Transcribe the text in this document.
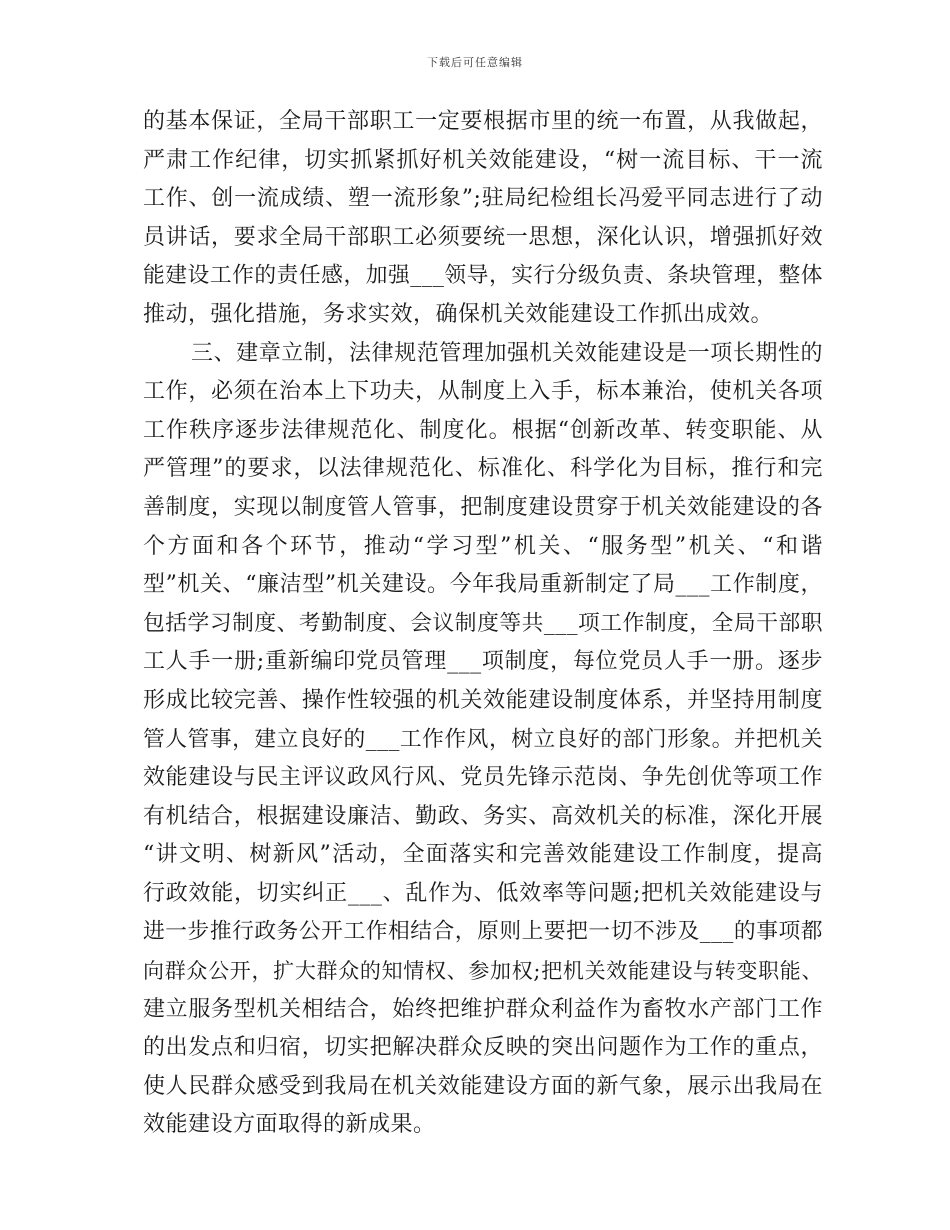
下载后可任意编辑
的基本保证，全局干部职工一定要根据市里的统一布置，从我做起，
严肃工作纪律，切实抓紧抓好机关效能建设，“树一流目标、干一流
工作、创一流成绩、塑一流形象”;驻局纪检组长冯爱平同志进行了动
员讲话，要求全局干部职工必须要统一思想，深化认识，增强抓好效
能建设工作的责任感，加强___领导，实行分级负责、条块管理，整体
推动，强化措施，务求实效，确保机关效能建设工作抓出成效。
三、建章立制，法律规范管理加强机关效能建设是一项长期性的
工作，必须在治本上下功夫，从制度上入手，标本兼治，使机关各项
工作秩序逐步法律规范化、制度化。根据“创新改革、转变职能、从
严管理”的要求，以法律规范化、标准化、科学化为目标，推行和完
善制度，实现以制度管人管事，把制度建设贯穿于机关效能建设的各
个方面和各个环节，推动“学习型”机关、“服务型”机关、“和谐
型”机关、“廉洁型”机关建设。今年我局重新制定了局___工作制度，
包括学习制度、考勤制度、会议制度等共___项工作制度，全局干部职
工人手一册;重新编印党员管理___项制度，每位党员人手一册。逐步
形成比较完善、操作性较强的机关效能建设制度体系，并坚持用制度
管人管事，建立良好的___工作作风，树立良好的部门形象。并把机关
效能建设与民主评议政风行风、党员先锋示范岗、争先创优等项工作
有机结合，根据建设廉洁、勤政、务实、高效机关的标准，深化开展
“讲文明、树新风”活动，全面落实和完善效能建设工作制度，提高
行政效能，切实纠正___、乱作为、低效率等问题;把机关效能建设与
进一步推行政务公开工作相结合，原则上要把一切不涉及___的事项都
向群众公开，扩大群众的知情权、参加权;把机关效能建设与转变职能、
建立服务型机关相结合，始终把维护群众利益作为畜牧水产部门工作
的出发点和归宿，切实把解决群众反映的突出问题作为工作的重点，
使人民群众感受到我局在机关效能建设方面的新气象，展示出我局在
效能建设方面取得的新成果。
